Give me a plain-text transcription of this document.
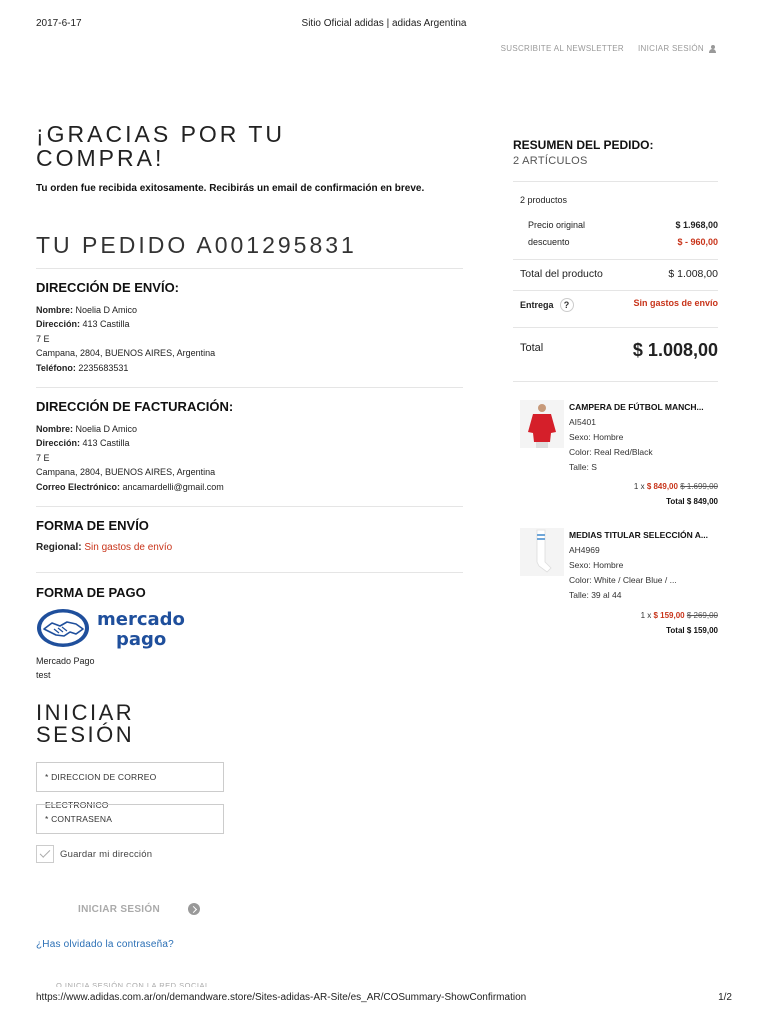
2017-6-17	Sitio Oficial adidas | adidas Argentina
SUSCRIBITE AL NEWSLETTER INICIAR SESIÓN
¡GRACIAS POR TU COMPRA!
Tu orden fue recibida exitosamente. Recibirás un email de confirmación en breve.
TU PEDIDO A001295831
DIRECCIÓN DE ENVÍO:
Nombre: Noelia D Amico
Dirección: 413 Castilla
7 E
Campana, 2804, BUENOS AIRES, Argentina
Teléfono: 2235683531
DIRECCIÓN DE FACTURACIÓN:
Nombre: Noelia D Amico
Dirección: 413 Castilla
7 E
Campana, 2804, BUENOS AIRES, Argentina
Correo Electrónico: ancamardelli@gmail.com
FORMA DE ENVÍO
Regional: Sin gastos de envío
FORMA DE PAGO
mercado
pago
Mercado Pago
test
INICIAR SESIÓN
* DIRECCION DE CORREO ELECTRONICO
* CONTRASENA
Guardar mi dirección
INICIAR SESIÓN
¿Has olvidado la contraseña?
O INICIA SESIÓN CON LA RED SOCIAL
RESUMEN DEL PEDIDO:
2 ARTÍCULOS
2 productos
Precio original	$ 1.968,00
descuento	$ - 960,00
Total del producto	$ 1.008,00
Entrega ?	Sin gastos de envío
Total	$ 1.008,00
CAMPERA DE FÚTBOL MANCH...
AI5401
Sexo: Hombre
Color: Real Red/Black
Talle: S
1 x $ 849,00 $ 1.699,00
Total $ 849,00
MEDIAS TITULAR SELECCIÓN A...
AH4969
Sexo: Hombre
Color: White / Clear Blue / ...
Talle: 39 al 44
1 x $ 159,00 $ 269,00
Total $ 159,00
https://www.adidas.com.ar/on/demandware.store/Sites-adidas-AR-Site/es_AR/COSummary-ShowConfirmation	1/2
